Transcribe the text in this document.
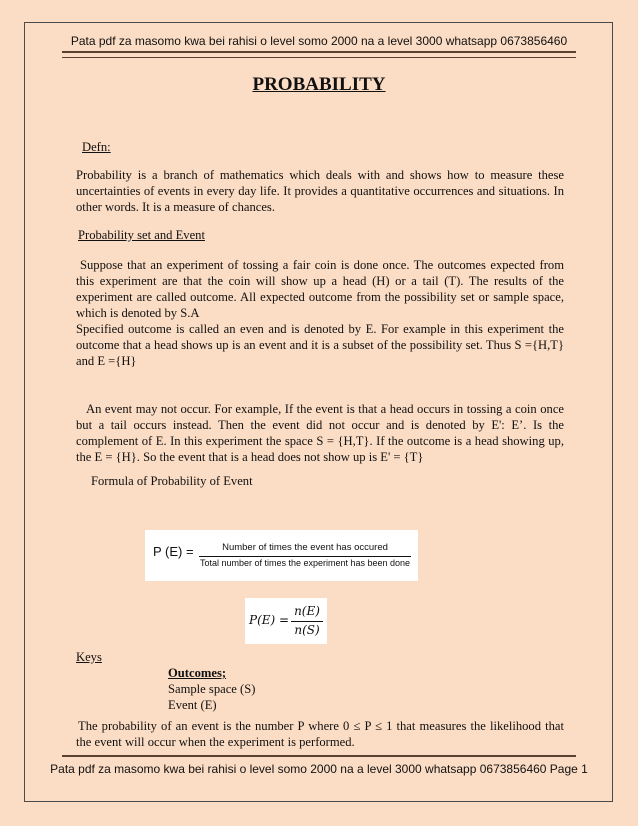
Pata pdf za masomo kwa bei rahisi o level somo 2000 na a level 3000 whatsapp 0673856460
PROBABILITY
Defn:
Probability is a branch of mathematics which deals with and shows how to measure these uncertainties of events in every day life. It provides a quantitative occurrences and situations. In other words. It is a measure of chances.
Probability set and Event
Suppose that an experiment of tossing a fair coin is done once. The outcomes expected from this experiment are that the coin will show up a head (H) or a tail (T). The results of the experiment are called outcome. All expected outcome from the possibility set or sample space, which is denoted by S.A
Specified outcome is called an even and is denoted by E. For example in this experiment the outcome that a head shows up is an event and it is a subset of the possibility set. Thus S ={H,T} and E ={H}
An event may not occur. For example, If the event is that a head occurs in tossing a coin once but a tail occurs instead. Then the event did not occur and is denoted by E': E’. Is the complement of E. In this experiment the space S = {H,T}. If the outcome is a head showing up, the E = {H}. So the event that is a head does not show up is E' = {T}
Formula of Probability of Event
P (E) =	Number of times the event has occured
Total number of times the experiment has been done
P(E) =
n(E)
n(S)
Keys
Outcomes;
Sample space (S)
Event (E)
The probability of an event is the number P where 0 ≤ P ≤ 1 that measures the likelihood that the event will occur when the experiment is performed.
Pata pdf za masomo kwa bei rahisi o level somo 2000 na a level 3000 whatsapp 0673856460 Page 1
